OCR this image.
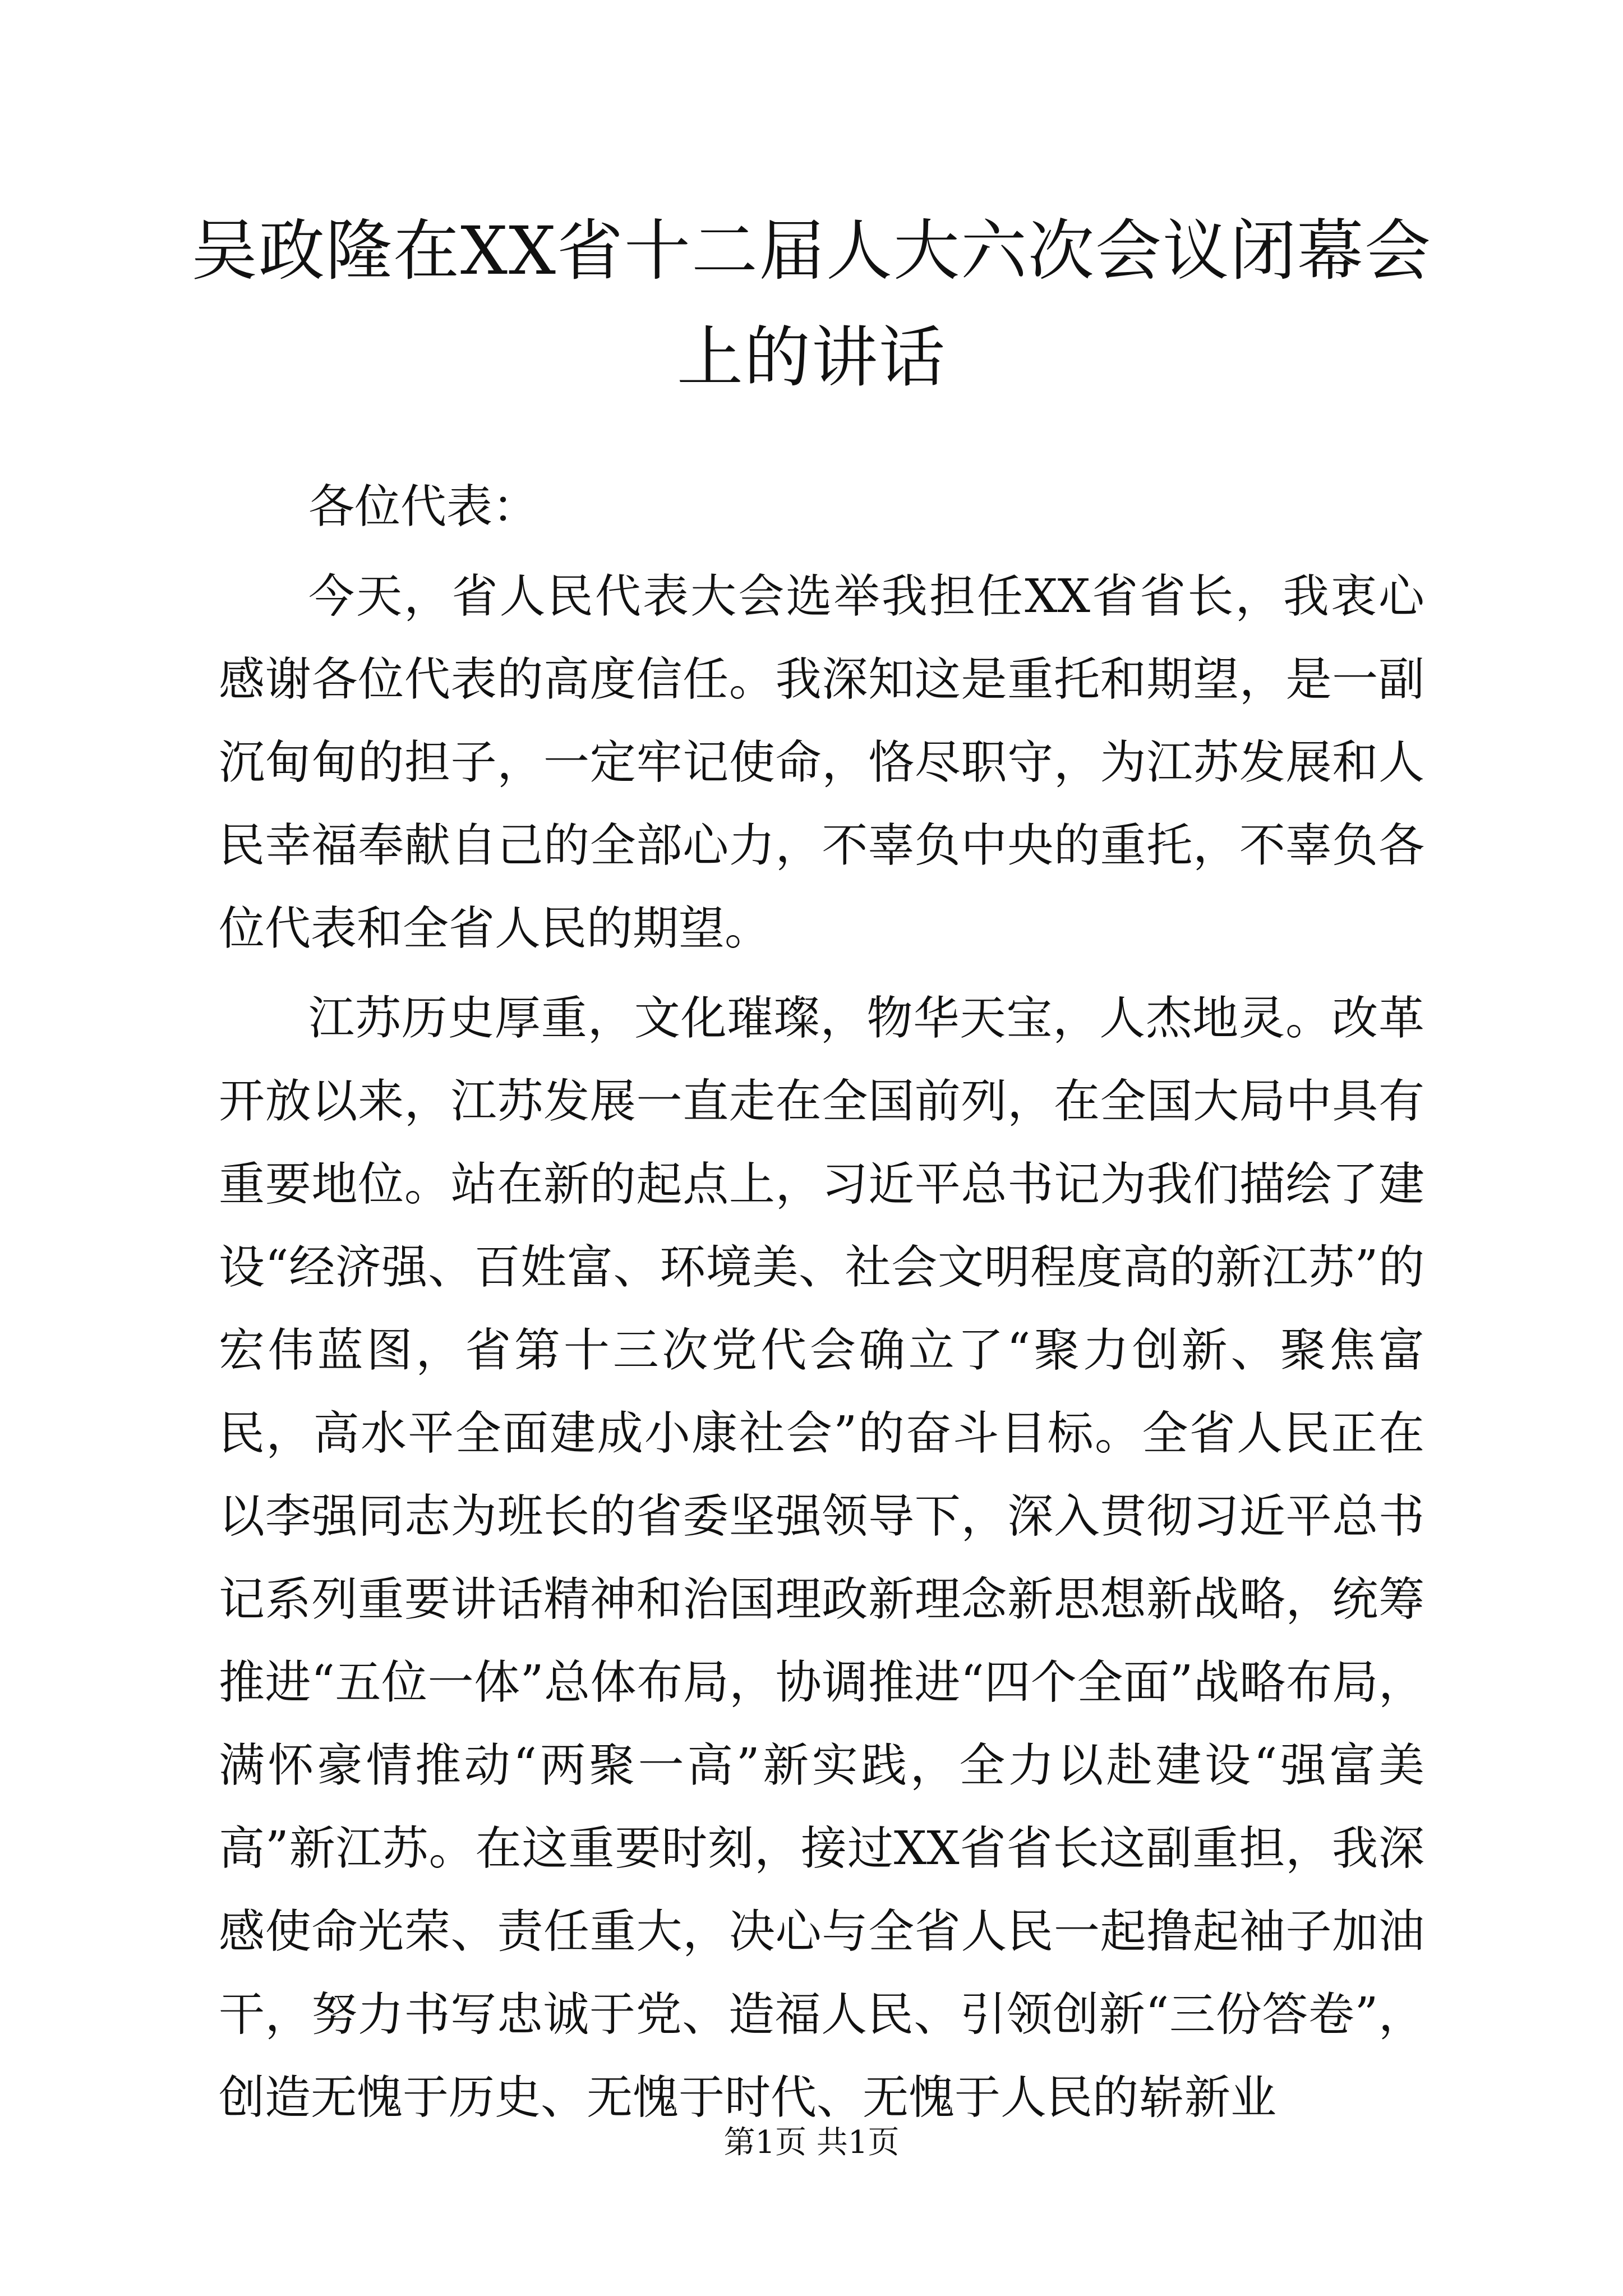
吴政隆在XX省十二届人大六次会议闭幕会上的讲话

各位代表：

今天，省人民代表大会选举我担任XX省省长，我衷心感谢各位代表的高度信任。我深知这是重托和期望，是一副沉甸甸的担子，一定牢记使命，恪尽职守，为江苏发展和人民幸福奉献自己的全部心力，不辜负中央的重托，不辜负各位代表和全省人民的期望。

江苏历史厚重，文化璀璨，物华天宝，人杰地灵。改革开放以来，江苏发展一直走在全国前列，在全国大局中具有重要地位。站在新的起点上，习近平总书记为我们描绘了建设“经济强、百姓富、环境美、社会文明程度高的新江苏”的宏伟蓝图，省第十三次党代会确立了“聚力创新、聚焦富民，高水平全面建成小康社会”的奋斗目标。全省人民正在以李强同志为班长的省委坚强领导下，深入贯彻习近平总书记系列重要讲话精神和治国理政新理念新思想新战略，统筹推进“五位一体”总体布局，协调推进“四个全面”战略布局，满怀豪情推动“两聚一高”新实践，全力以赴建设“强富美高”新江苏。在这重要时刻，接过XX省省长这副重担，我深感使命光荣、责任重大，决心与全省人民一起撸起袖子加油干，努力书写忠诚于党、造福人民、引领创新“三份答卷”，创造无愧于历史、无愧于时代、无愧于人民的崭新业

第1页 共1页
